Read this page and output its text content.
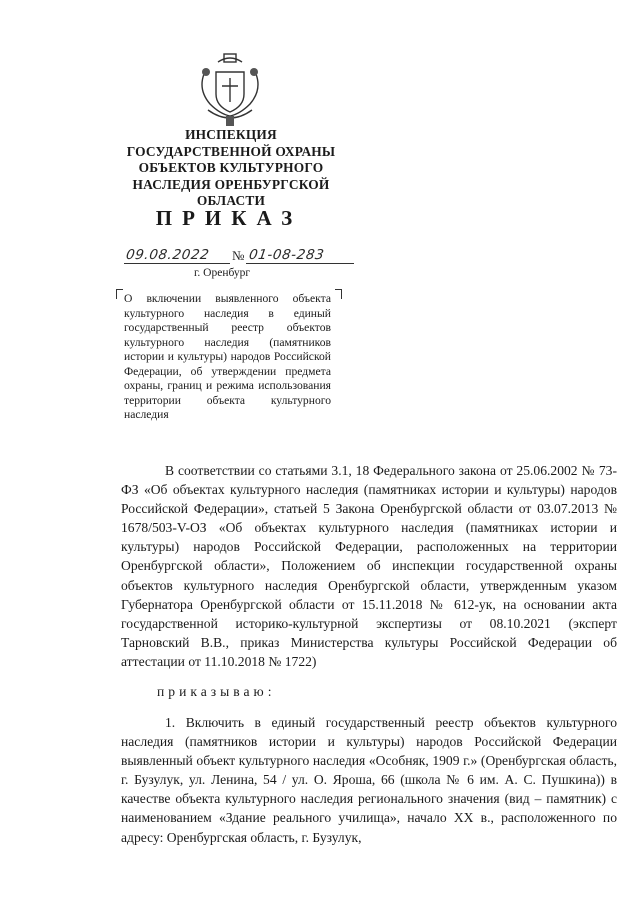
ИНСПЕКЦИЯ
ГОСУДАРСТВЕННОЙ ОХРАНЫ
ОБЪЕКТОВ КУЛЬТУРНОГО
НАСЛЕДИЯ ОРЕНБУРГСКОЙ
ОБЛАСТИ
ПРИКАЗ
09.08.2022	№ 01-08-283
г. Оренбург

О включении выявленного объекта культурного наследия в единый государственный реестр объектов культурного наследия (памятников истории и культуры) народов Российской Федерации, об утверждении предмета охраны, границ и режима использования территории объекта культурного наследия

В соответствии со статьями 3.1, 18 Федерального закона от 25.06.2002 № 73-ФЗ «Об объектах культурного наследия (памятниках истории и культуры) народов Российской Федерации», статьей 5 Закона Оренбургской области от 03.07.2013 № 1678/503-V-ОЗ «Об объектах культурного наследия (памятниках истории и культуры) народов Российской Федерации, расположенных на территории Оренбургской области», Положением об инспекции государственной охраны объектов культурного наследия Оренбургской области, утвержденным указом Губернатора Оренбургской области от 15.11.2018 № 612-ук, на основании акта государственной историко-культурной экспертизы от 08.10.2021 (эксперт Тарновский В.В., приказ Министерства культуры Российской Федерации об аттестации от 11.10.2018 № 1722)

приказываю:

1. Включить в единый государственный реестр объектов культурного наследия (памятников истории и культуры) народов Российской Федерации выявленный объект культурного наследия «Особняк, 1909 г.» (Оренбургская область, г. Бузулук, ул. Ленина, 54 / ул. О. Яроша, 66 (школа № 6 им. А. С. Пушкина)) в качестве объекта культурного наследия регионального значения (вид – памятник) с наименованием «Здание реального училища», начало XX в., расположенного по адресу: Оренбургская область, г. Бузулук,
